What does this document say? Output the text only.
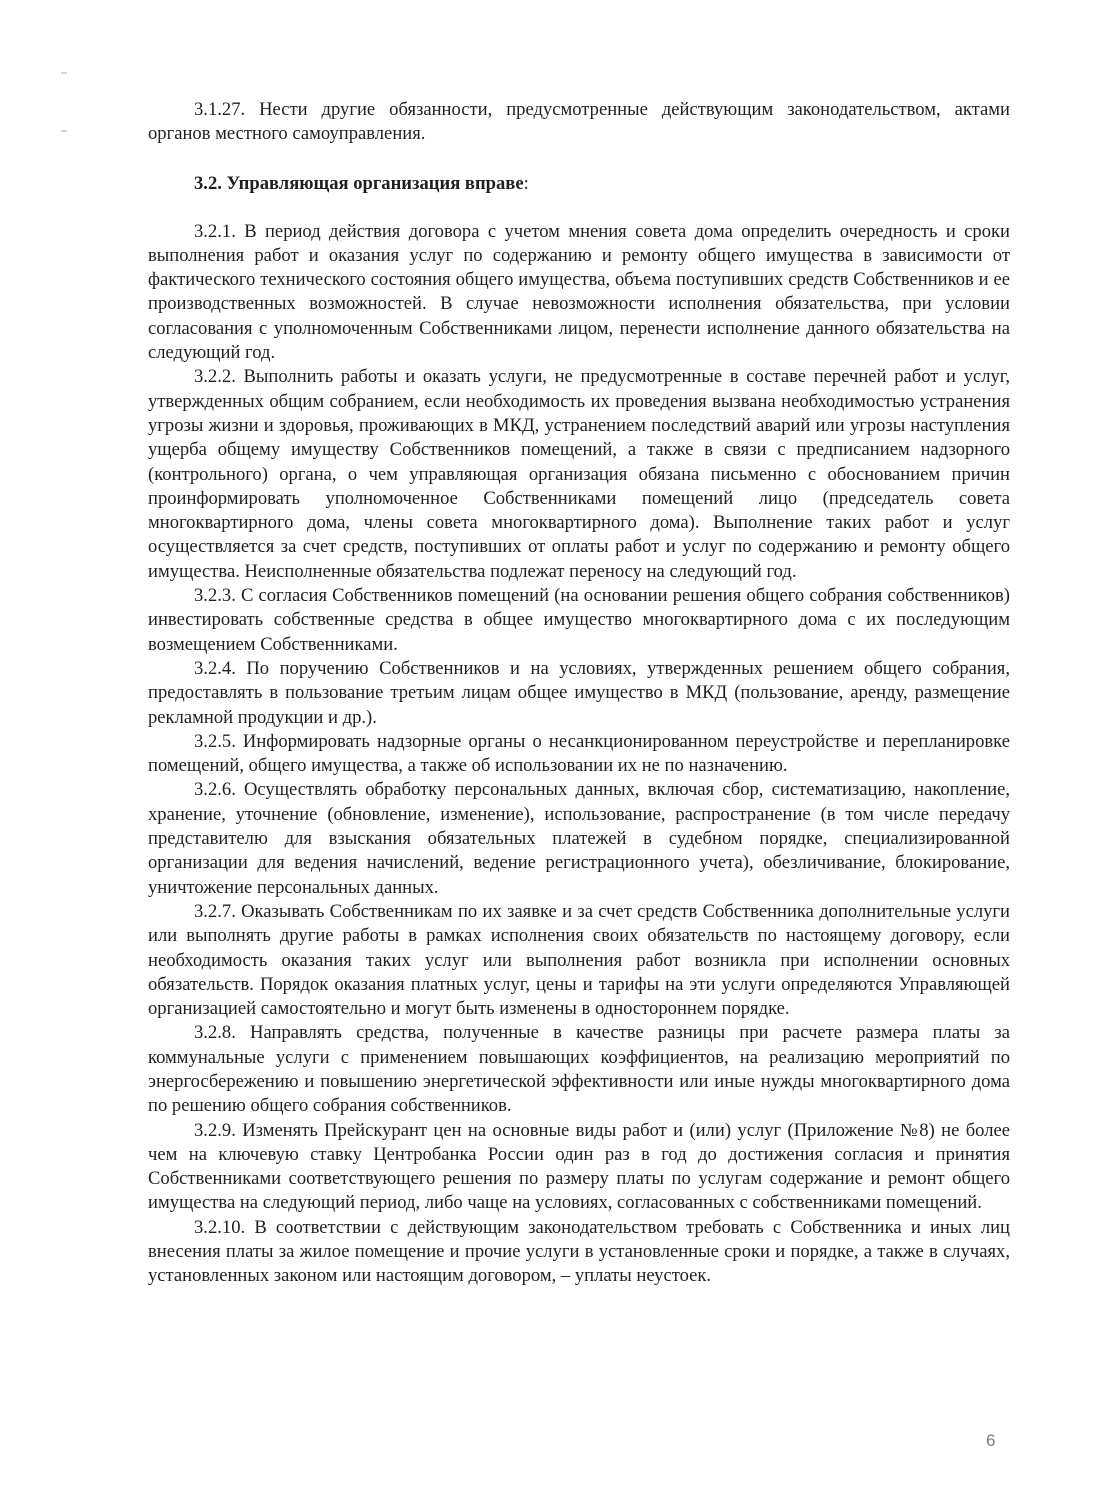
3.1.27. Нести другие обязанности, предусмотренные действующим законодательством, актами органов местного самоуправления.

3.2. Управляющая организация вправе:

3.2.1. В период действия договора с учетом мнения совета дома определить очередность и сроки выполнения работ и оказания услуг по содержанию и ремонту общего имущества в зависимости от фактического технического состояния общего имущества, объема поступивших средств Собственников и ее производственных возможностей. В случае невозможности исполнения обязательства, при условии согласования с уполномоченным Собственниками лицом, перенести исполнение данного обязательства на следующий год.

3.2.2. Выполнить работы и оказать услуги, не предусмотренные в составе перечней работ и услуг, утвержденных общим собранием, если необходимость их проведения вызвана необходимостью устранения угрозы жизни и здоровья, проживающих в МКД, устранением последствий аварий или угрозы наступления ущерба общему имуществу Собственников помещений, а также в связи с предписанием надзорного (контрольного) органа, о чем управляющая организация обязана письменно с обоснованием причин проинформировать уполномоченное Собственниками помещений лицо (председатель совета многоквартирного дома, члены совета многоквартирного дома). Выполнение таких работ и услуг осуществляется за счет средств, поступивших от оплаты работ и услуг по содержанию и ремонту общего имущества. Неисполненные обязательства подлежат переносу на следующий год.

3.2.3. С согласия Собственников помещений (на основании решения общего собрания собственников) инвестировать собственные средства в общее имущество многоквартирного дома с их последующим возмещением Собственниками.

3.2.4. По поручению Собственников и на условиях, утвержденных решением общего собрания, предоставлять в пользование третьим лицам общее имущество в МКД (пользование, аренду, размещение рекламной продукции и др.).

3.2.5. Информировать надзорные органы о несанкционированном переустройстве и перепланировке помещений, общего имущества, а также об использовании их не по назначению.

3.2.6. Осуществлять обработку персональных данных, включая сбор, систематизацию, накопление, хранение, уточнение (обновление, изменение), использование, распространение (в том числе передачу представителю для взыскания обязательных платежей в судебном порядке, специализированной организации для ведения начислений, ведение регистрационного учета), обезличивание, блокирование, уничтожение персональных данных.

3.2.7. Оказывать Собственникам по их заявке и за счет средств Собственника дополнительные услуги или выполнять другие работы в рамках исполнения своих обязательств по настоящему договору, если необходимость оказания таких услуг или выполнения работ возникла при исполнении основных обязательств. Порядок оказания платных услуг, цены и тарифы на эти услуги определяются Управляющей организацией самостоятельно и могут быть изменены в одностороннем порядке.

3.2.8. Направлять средства, полученные в качестве разницы при расчете размера платы за коммунальные услуги с применением повышающих коэффициентов, на реализацию мероприятий по энергосбережению и повышению энергетической эффективности или иные нужды многоквартирного дома по решению общего собрания собственников.

3.2.9. Изменять Прейскурант цен на основные виды работ и (или) услуг (Приложение №8) не более чем на ключевую ставку Центробанка России один раз в год до достижения согласия и принятия Собственниками соответствующего решения по размеру платы по услугам содержание и ремонт общего имущества на следующий период, либо чаще на условиях, согласованных с собственниками помещений.

3.2.10. В соответствии с действующим законодательством требовать с Собственника и иных лиц внесения платы за жилое помещение и прочие услуги в установленные сроки и порядке, а также в случаях, установленных законом или настоящим договором, – уплаты неустоек.

6
